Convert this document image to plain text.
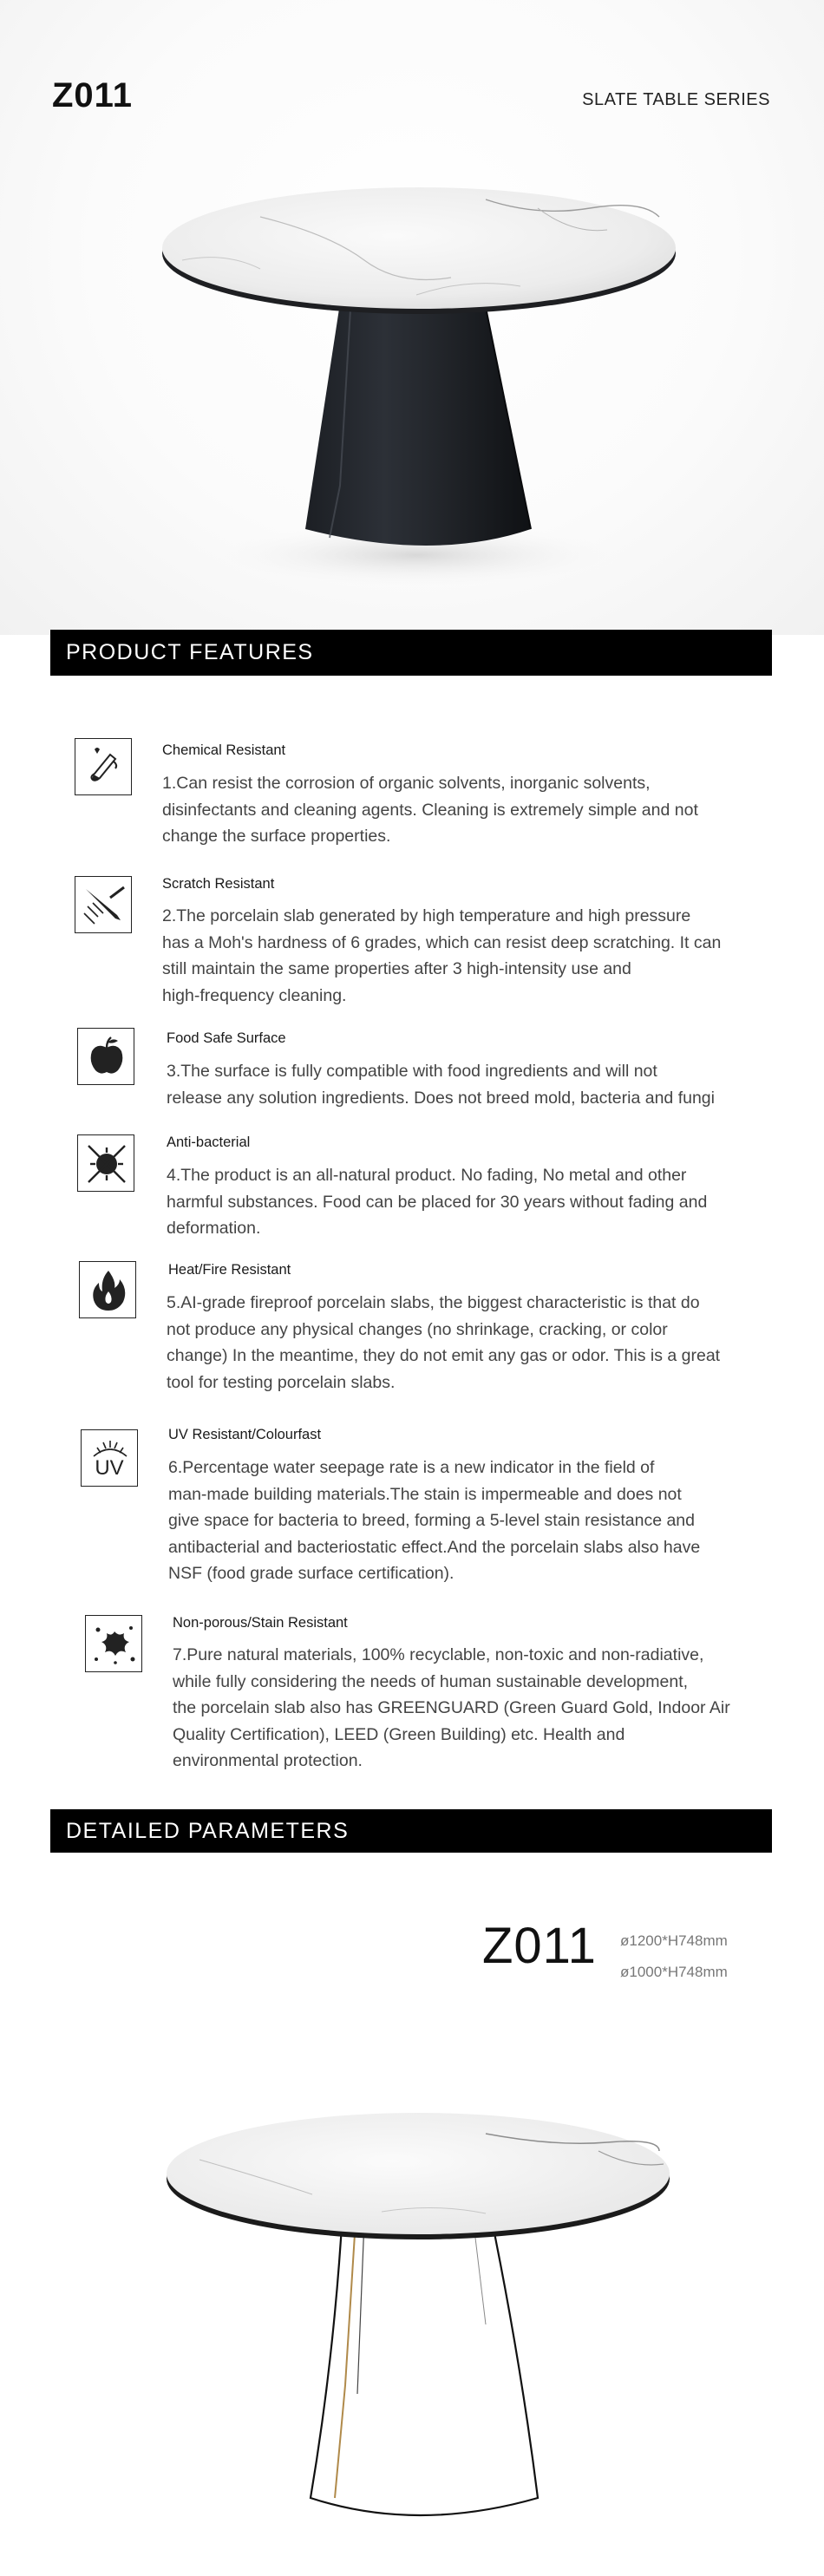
Z011	SLATE TABLE SERIES
PRODUCT FEATURES
Chemical Resistant
1.Can resist the corrosion of organic solvents, inorganic solvents,
disinfectants and cleaning agents. Cleaning is extremely simple and not
change the surface properties.
Scratch Resistant
2.The porcelain slab generated by high temperature and high pressure
has a Moh's hardness of 6 grades, which can resist deep scratching. It can
still maintain the same properties after 3 high-intensity use and
high-frequency cleaning.
Food Safe Surface
3.The surface is fully compatible with food ingredients and will not
release any solution ingredients. Does not breed mold, bacteria and fungi
Anti-bacterial
4.The product is an all-natural product. No fading, No metal and other
harmful substances. Food can be placed for 30 years without fading and
deformation.
Heat/Fire Resistant
5.AI-grade fireproof porcelain slabs, the biggest characteristic is that do
not produce any physical changes (no shrinkage, cracking, or color
change) In the meantime, they do not emit any gas or odor. This is a great
tool for testing porcelain slabs.
UV
UV Resistant/Colourfast
6.Percentage water seepage rate is a new indicator in the field of
man-made building materials.The stain is impermeable and does not
give space for bacteria to breed, forming a 5-level stain resistance and
antibacterial and bacteriostatic effect.And the porcelain slabs also have
NSF (food grade surface certification).
Non-porous/Stain Resistant
7.Pure natural materials, 100% recyclable, non-toxic and non-radiative,
while fully considering the needs of human sustainable development,
the porcelain slab also has GREENGUARD (Green Guard Gold, Indoor Air
Quality Certification), LEED (Green Building) etc. Health and
environmental protection.
DETAILED PARAMETERS
Z011 ø1200*H748mm
ø1000*H748mm
